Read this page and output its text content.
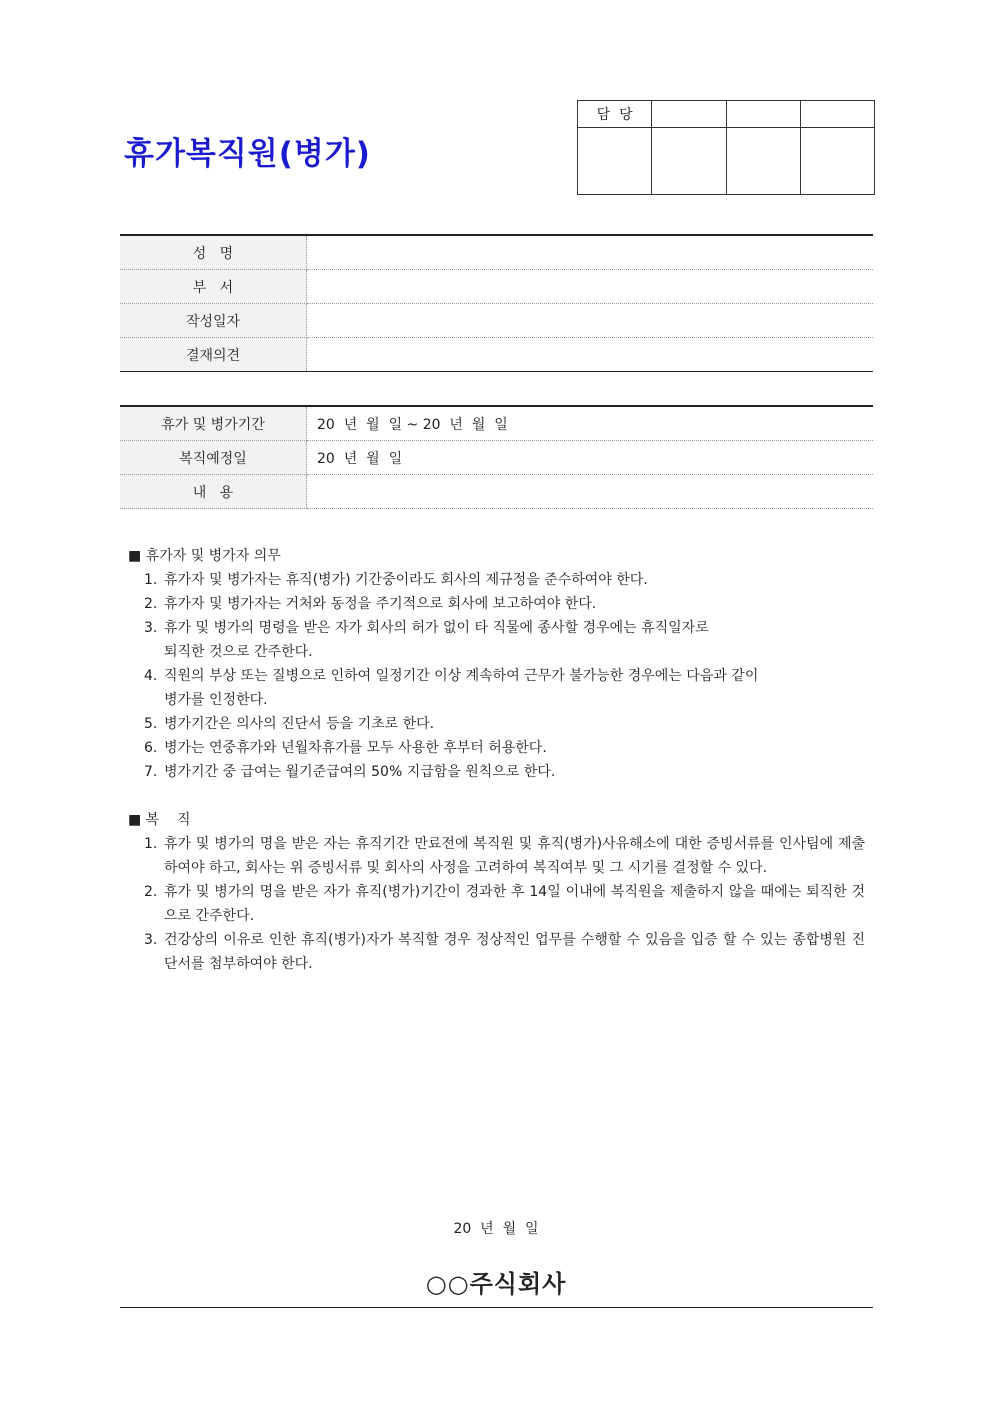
휴가복직원(병가)
담  당			

성   명	
부   서	
작성일자	
결재의견	
휴가 및 병가기간	20  년  월  일 ~ 20  년  월  일
복직예정일	20  년  월  일
내   용	
■ 휴가자 및 병가자 의무
1. 휴가자 및 병가자는 휴직(병가) 기간중이라도 회사의 제규정을 준수하여야 한다.
2. 휴가자 및 병가자는 거처와 동정을 주기적으로 회사에 보고하여야 한다.
3. 휴가 및 병가의 명령을 받은 자가 회사의 허가 없이 타 직물에 종사할 경우에는 휴직일자로 퇴직한 것으로 간주한다.
4. 직원의 부상 또는 질병으로 인하여 일정기간 이상 계속하여 근무가 불가능한 경우에는 다음과 같이 병가를 인정한다.
5. 병가기간은 의사의 진단서 등을 기초로 한다.
6. 병가는 연중휴가와 년월차휴가를 모두 사용한 후부터 허용한다.
7. 병가기간 중 급여는 월기준급여의 50% 지급함을 원칙으로 한다.
■ 복    직
1. 휴가 및 병가의 명을 받은 자는 휴직기간 만료전에 복직원 및 휴직(병가)사유해소에 대한 증빙서류를 인사팀에 제출하여야 하고, 회사는 위 증빙서류 및 회사의 사정을 고려하여 복직여부 및 그 시기를 결정할 수 있다.
2. 휴가 및 병가의 명을 받은 자가 휴직(병가)기간이 경과한 후 14일 이내에 복직원을 제출하지 않을 때에는 퇴직한 것으로 간주한다.
3. 건강상의 이유로 인한 휴직(병가)자가 복직할 경우 정상적인 업무를 수행할 수 있음을 입증 할 수 있는 종합병원 진단서를 첨부하여야 한다.
20  년  월  일
○○주식회사
